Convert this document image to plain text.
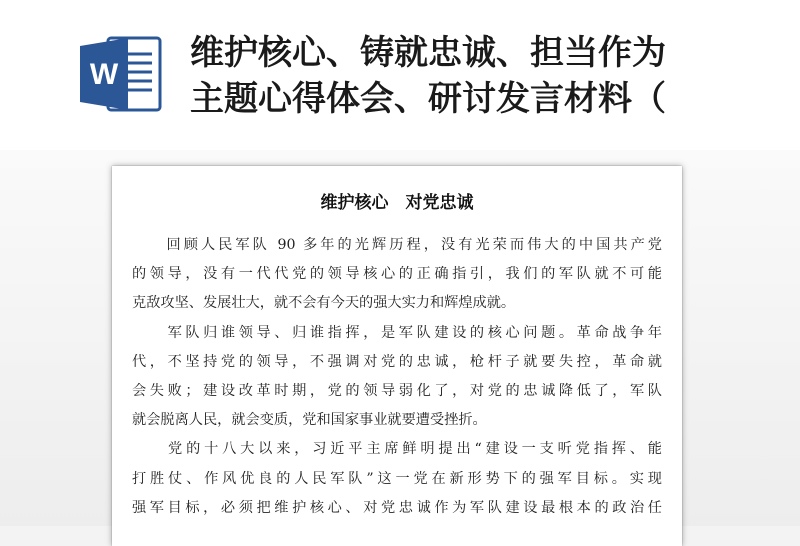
W
维护核心、铸就忠诚、担当作为
主题心得体会、研讨发言材料（
维护核心　对党忠诚
　　回顾人民军队 90 多年的光辉历程，没有光荣而伟大的中国共产党
的领导，没有一代代党的领导核心的正确指引，我们的军队就不可能
克敌攻坚、发展壮大，就不会有今天的强大实力和辉煌成就。
　　军队归谁领导、归谁指挥，是军队建设的核心问题。革命战争年
代，不坚持党的领导，不强调对党的忠诚，枪杆子就要失控，革命就
会失败；建设改革时期，党的领导弱化了，对党的忠诚降低了，军队
就会脱离人民，就会变质，党和国家事业就要遭受挫折。
　　党的十八大以来，习近平主席鲜明提出“建设一支听党指挥、能
打胜仗、作风优良的人民军队”这一党在新形势下的强军目标。实现
强军目标，必须把维护核心、对党忠诚作为军队建设最根本的政治任
